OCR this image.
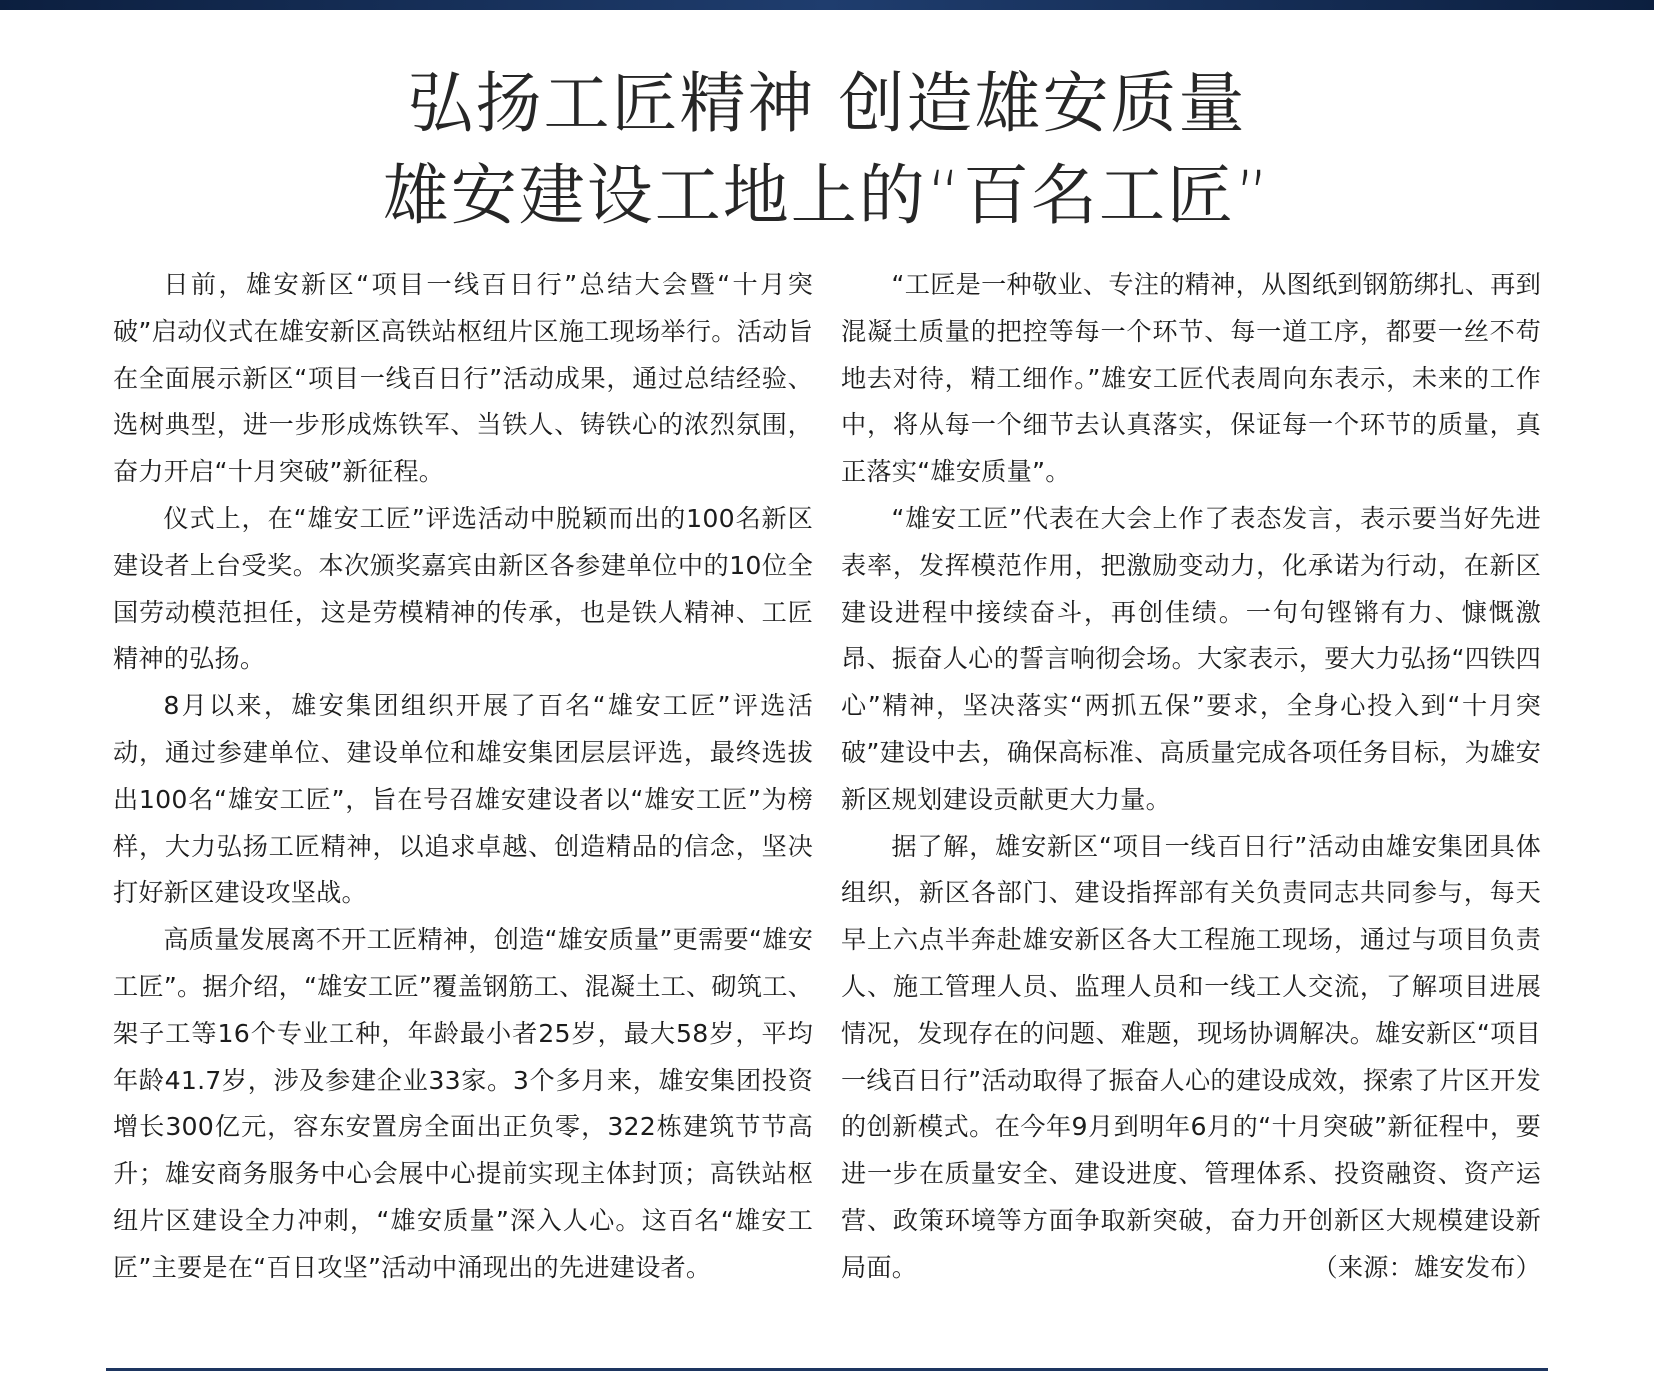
弘扬工匠精神 创造雄安质量
雄安建设工地上的“百名工匠”

日前，雄安新区“项目一线百日行”总结大会暨“十月突破”启动仪式在雄安新区高铁站枢纽片区施工现场举行。活动旨在全面展示新区“项目一线百日行”活动成果，通过总结经验、选树典型，进一步形成炼铁军、当铁人、铸铁心的浓烈氛围，奋力开启“十月突破”新征程。

仪式上，在“雄安工匠”评选活动中脱颖而出的100名新区建设者上台受奖。本次颁奖嘉宾由新区各参建单位中的10位全国劳动模范担任，这是劳模精神的传承，也是铁人精神、工匠精神的弘扬。

8月以来，雄安集团组织开展了百名“雄安工匠”评选活动，通过参建单位、建设单位和雄安集团层层评选，最终选拔出100名“雄安工匠”，旨在号召雄安建设者以“雄安工匠”为榜样，大力弘扬工匠精神，以追求卓越、创造精品的信念，坚决打好新区建设攻坚战。

高质量发展离不开工匠精神，创造“雄安质量”更需要“雄安工匠”。据介绍，“雄安工匠”覆盖钢筋工、混凝土工、砌筑工、架子工等16个专业工种，年龄最小者25岁，最大58岁，平均年龄41.7岁，涉及参建企业33家。3个多月来，雄安集团投资增长300亿元，容东安置房全面出正负零，322栋建筑节节高升；雄安商务服务中心会展中心提前实现主体封顶；高铁站枢纽片区建设全力冲刺，“雄安质量”深入人心。这百名“雄安工匠”主要是在“百日攻坚”活动中涌现出的先进建设者。

“工匠是一种敬业、专注的精神，从图纸到钢筋绑扎、再到混凝土质量的把控等每一个环节、每一道工序，都要一丝不苟地去对待，精工细作。”雄安工匠代表周向东表示，未来的工作中，将从每一个细节去认真落实，保证每一个环节的质量，真正落实“雄安质量”。

“雄安工匠”代表在大会上作了表态发言，表示要当好先进表率，发挥模范作用，把激励变动力，化承诺为行动，在新区建设进程中接续奋斗，再创佳绩。一句句铿锵有力、慷慨激昂、振奋人心的誓言响彻会场。大家表示，要大力弘扬“四铁四心”精神，坚决落实“两抓五保”要求，全身心投入到“十月突破”建设中去，确保高标准、高质量完成各项任务目标，为雄安新区规划建设贡献更大力量。

据了解，雄安新区“项目一线百日行”活动由雄安集团具体组织，新区各部门、建设指挥部有关负责同志共同参与，每天早上六点半奔赴雄安新区各大工程施工现场，通过与项目负责人、施工管理人员、监理人员和一线工人交流，了解项目进展情况，发现存在的问题、难题，现场协调解决。雄安新区“项目一线百日行”活动取得了振奋人心的建设成效，探索了片区开发的创新模式。在今年9月到明年6月的“十月突破”新征程中，要进一步在质量安全、建设进度、管理体系、投资融资、资产运营、政策环境等方面争取新突破，奋力开创新区大规模建设新局面。	（来源：雄安发布）
